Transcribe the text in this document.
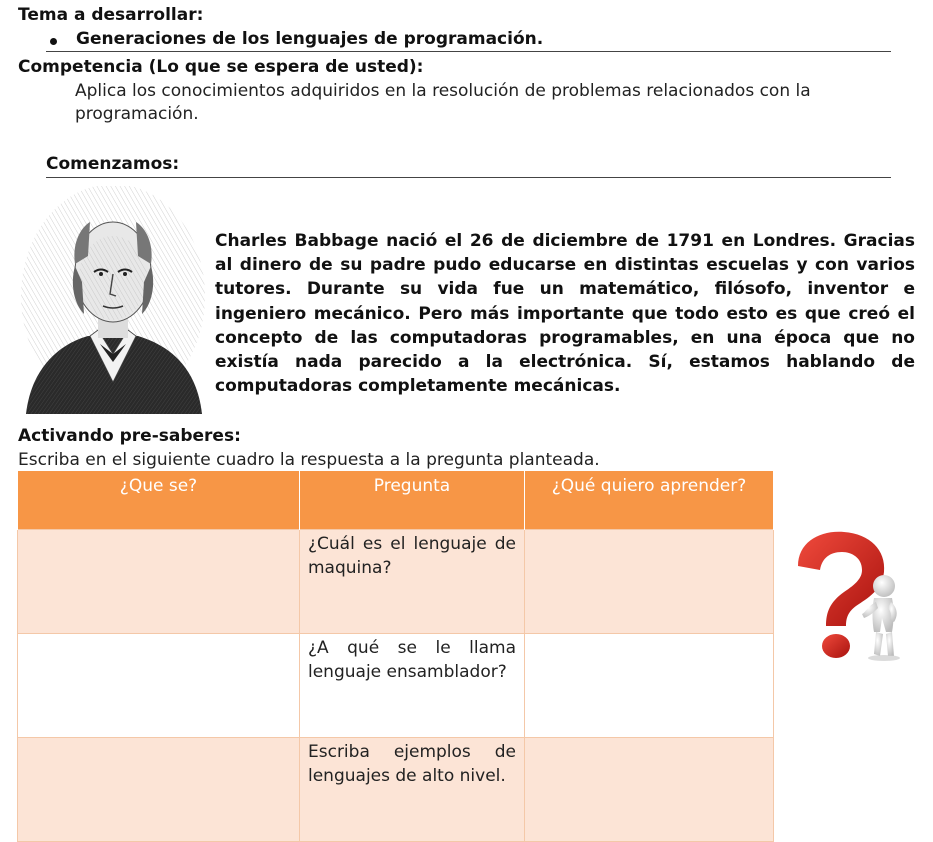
Tema a desarrollar:
Generaciones de los lenguajes de programación.
Competencia (Lo que se espera de usted):
Aplica los conocimientos adquiridos en la resolución de problemas relacionados con la programación.
Comenzamos:
Charles Babbage nació el 26 de diciembre de 1791 en Londres. Gracias al dinero de su padre pudo educarse en distintas escuelas y con varios tutores. Durante su vida fue un matemático, filósofo, inventor e ingeniero mecánico. Pero más importante que todo esto es que creó el concepto de las computadoras programables, en una época que no existía nada parecido a la electrónica. Sí, estamos hablando de computadoras completamente mecánicas.
Activando pre-saberes:
Escriba en el siguiente cuadro la respuesta a la pregunta planteada.
¿Que se?	Pregunta	¿Qué quiero aprender?
	¿Cuál es el lenguaje de maquina?	
	¿A qué se le llama lenguaje ensamblador?	
	Escriba ejemplos de lenguajes de alto nivel.	
